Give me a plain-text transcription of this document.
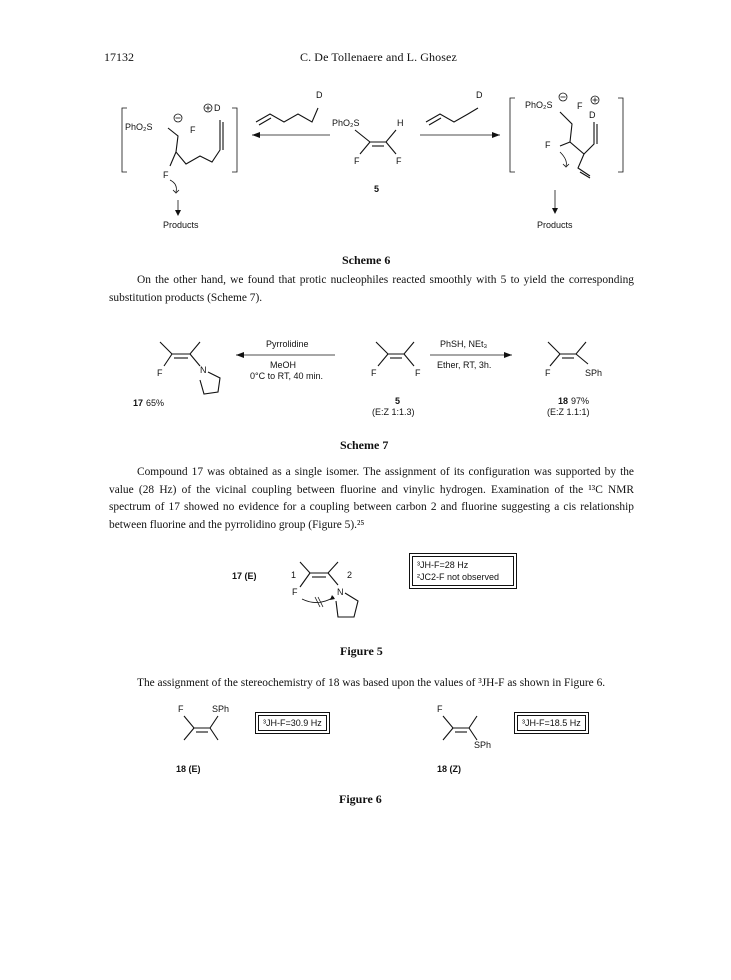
17132	C. De Tollenaere and L. Ghosez
PhO₂S
D
F
F
Products
D
PhO₂S	H
F	F
5
D
PhO₂S	F
D
F
Products
Scheme 6

On the other hand, we found that protic nucleophiles reacted smoothly with 5 to yield the corresponding substitution products (Scheme 7).

F	N
17 65%
Pyrrolidine
MeOH
0°C to RT, 40 min.	F	F
5
(E:Z 1:1.3)
PhSH, NEt₃
Ether, RT, 3h.
F	SPh
18 97%
(E:Z 1.1:1)
Scheme 7

Compound 17 was obtained as a single isomer. The assignment of its configuration was supported by the value (28 Hz) of the vicinal coupling between fluorine and vinylic hydrogen. Examination of the ¹³C NMR spectrum of 17 showed no evidence for a coupling between carbon 2 and fluorine suggesting a cis relationship between fluorine and the pyrrolidino group (Figure 5).²⁵

17 (E)	1	2
F	N
³JH-F=28 Hz
²JC2-F not observed
Figure 5

The assignment of the stereochemistry of 18 was based upon the values of ³JH-F as shown in Figure 6.

F	SPh
18 (E)
F
SPh
18 (Z)
³JH-F=30.9 Hz	³JH-F=18.5 Hz
Figure 6
